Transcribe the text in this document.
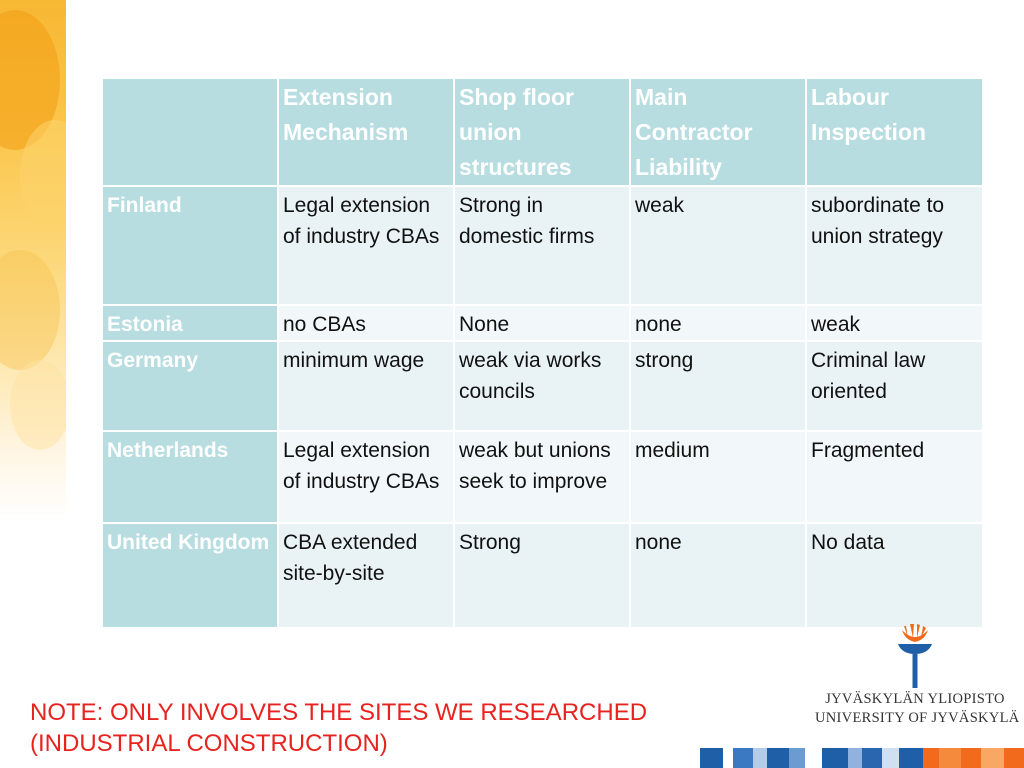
	Extension Mechanism	Shop floor union structures	Main Contractor Liability	Labour Inspection
Finland	Legal extension of industry CBAs	Strong in domestic firms	weak	subordinate to union strategy
Estonia	no CBAs	None	none	weak
Germany	minimum wage	weak via works councils	strong	Criminal law oriented
Netherlands	Legal extension of industry CBAs	weak but unions seek to improve	medium	Fragmented
United Kingdom	CBA extended site-by-site	Strong	none	No data
NOTE: ONLY INVOLVES THE SITES WE RESEARCHED
(INDUSTRIAL CONSTRUCTION)
JYVÄSKYLÄN YLIOPISTO
UNIVERSITY OF JYVÄSKYLÄ
